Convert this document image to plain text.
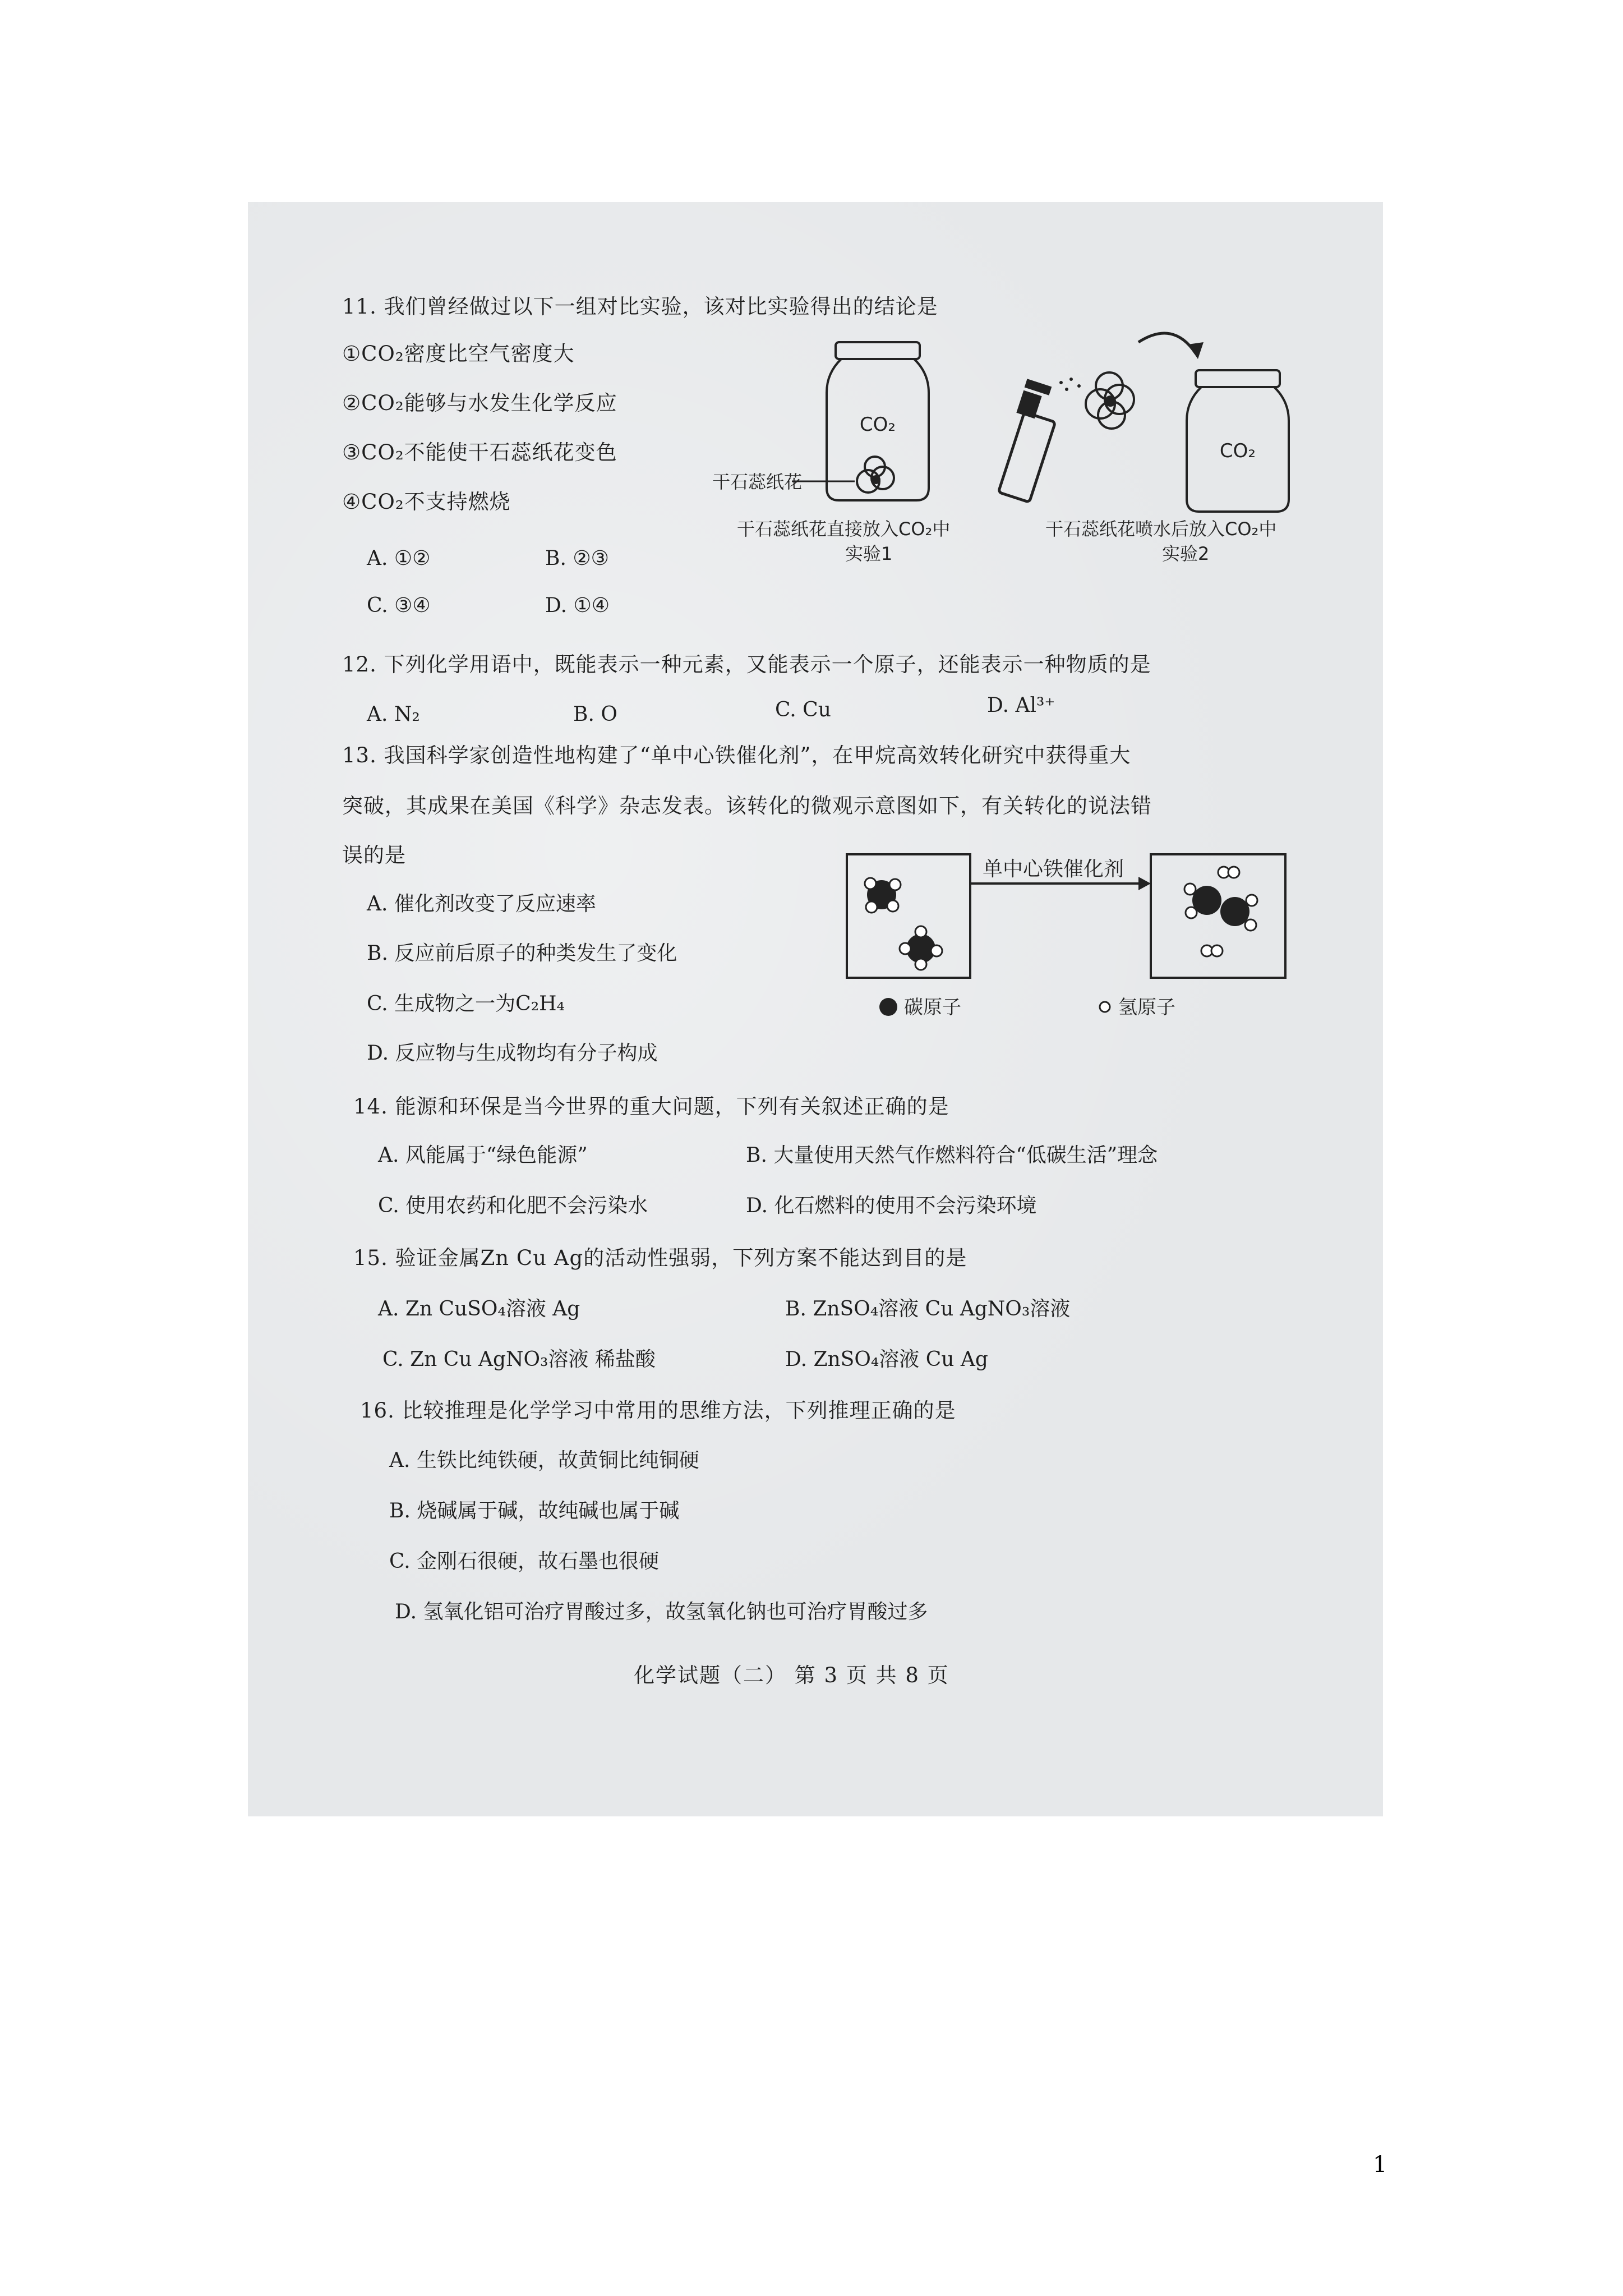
11. 我们曾经做过以下一组对比实验，该对比实验得出的结论是
①CO₂密度比空气密度大
②CO₂能够与水发生化学反应
③CO₂不能使干石蕊纸花变色
④CO₂不支持燃烧
A. ①②	B. ②③
C. ③④	D. ①④
CO₂
干石蕊纸花
CO₂
干石蕊纸花直接放入CO₂中
实验1
干石蕊纸花喷水后放入CO₂中
实验2
12. 下列化学用语中，既能表示一种元素，又能表示一个原子，还能表示一种物质的是
A. N₂	B. O	C. Cu	D. Al³⁺
13. 我国科学家创造性地构建了“单中心铁催化剂”，在甲烷高效转化研究中获得重大
突破，其成果在美国《科学》杂志发表。该转化的微观示意图如下，有关转化的说法错
误的是
A. 催化剂改变了反应速率
B. 反应前后原子的种类发生了变化
C. 生成物之一为C₂H₄
D. 反应物与生成物均有分子构成
单中心铁催化剂
碳原子	氢原子
14. 能源和环保是当今世界的重大问题，下列有关叙述正确的是
A. 风能属于“绿色能源”	B. 大量使用天然气作燃料符合“低碳生活”理念
C. 使用农药和化肥不会污染水	D. 化石燃料的使用不会污染环境
15. 验证金属Zn Cu Ag的活动性强弱，下列方案不能达到目的是
A. Zn CuSO₄溶液 Ag	B. ZnSO₄溶液 Cu AgNO₃溶液
C. Zn Cu AgNO₃溶液 稀盐酸	D. ZnSO₄溶液 Cu Ag
16. 比较推理是化学学习中常用的思维方法，下列推理正确的是
A. 生铁比纯铁硬，故黄铜比纯铜硬
B. 烧碱属于碱，故纯碱也属于碱
C. 金刚石很硬，故石墨也很硬
D. 氢氧化铝可治疗胃酸过多，故氢氧化钠也可治疗胃酸过多
化学试题（二） 第 3 页 共 8 页
1
